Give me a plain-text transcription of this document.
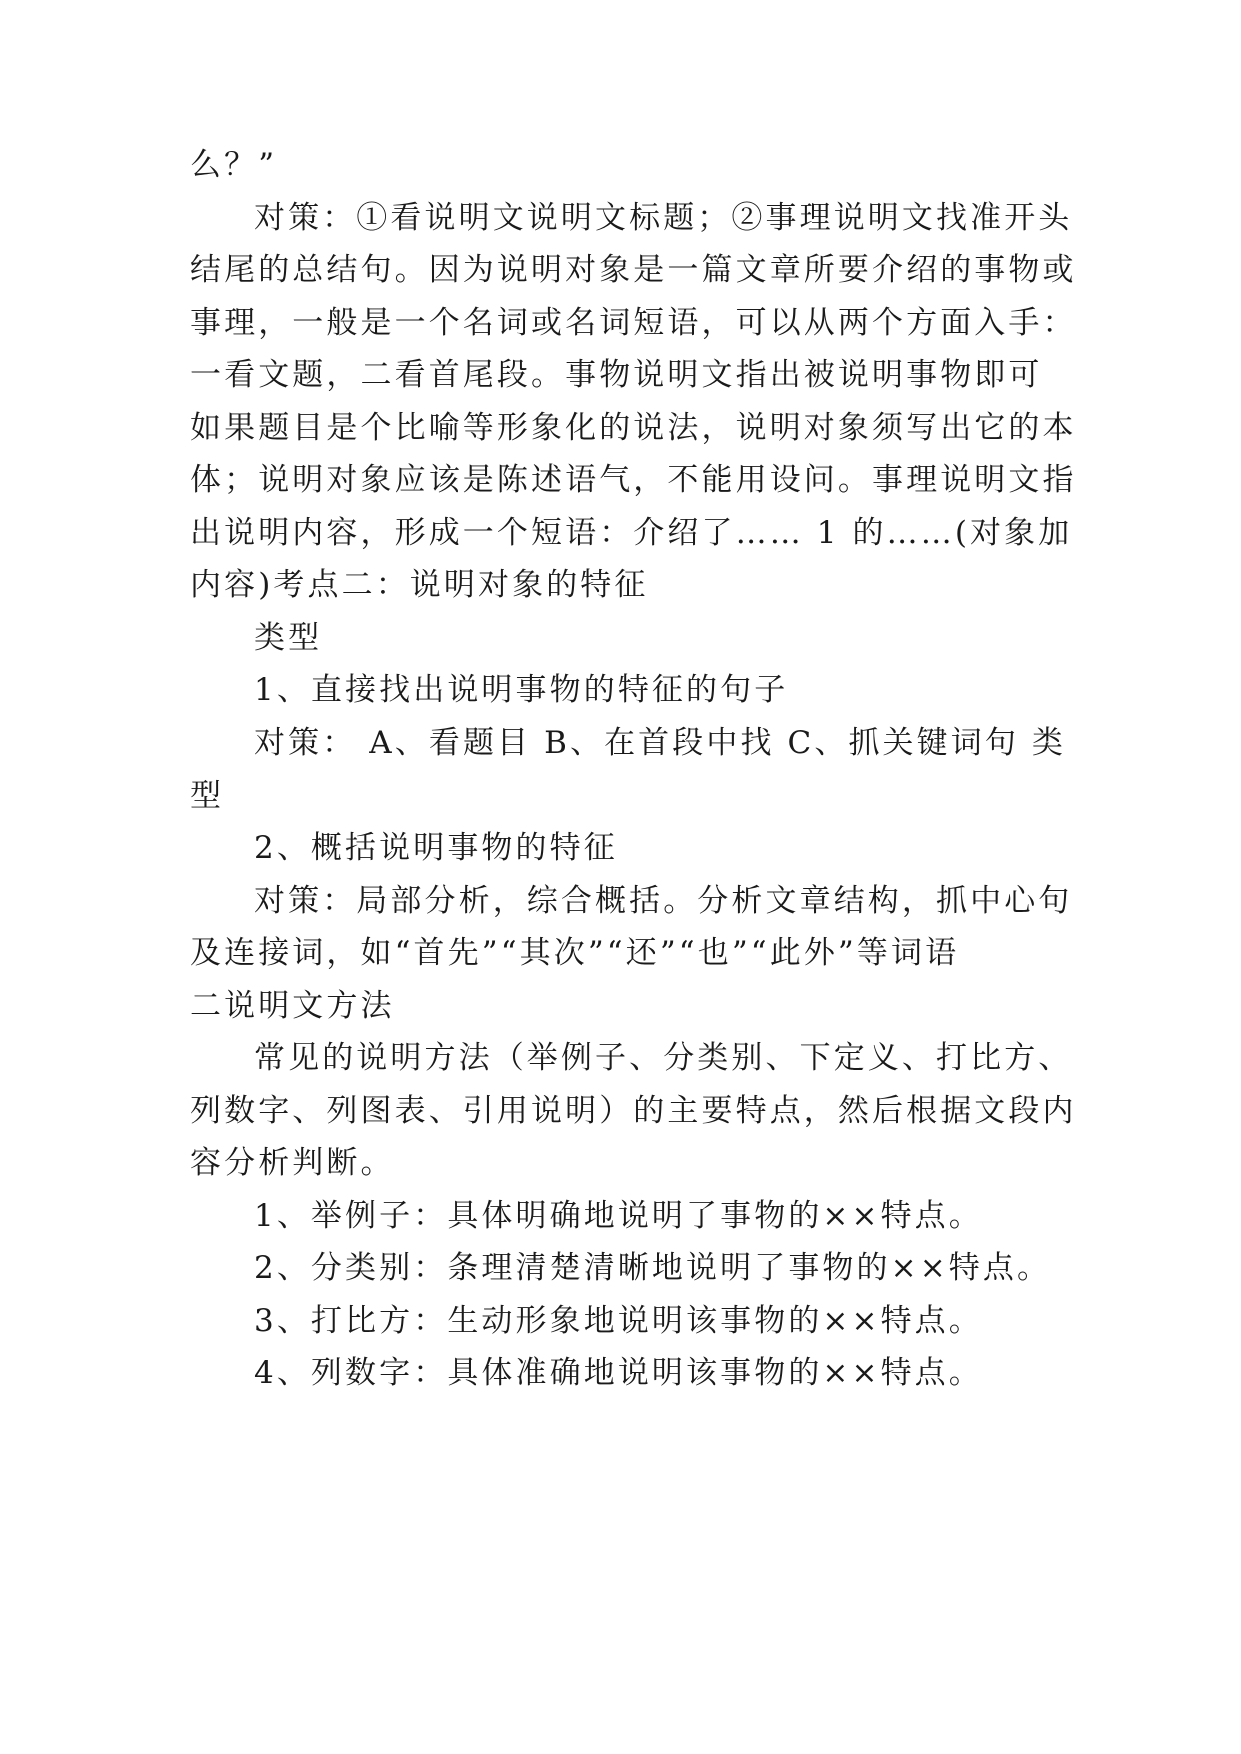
么？”
对策：①看说明文说明文标题；②事理说明文找准开头
结尾的总结句。因为说明对象是一篇文章所要介绍的事物或
事理，一般是一个名词或名词短语，可以从两个方面入手：
一看文题，二看首尾段。事物说明文指出被说明事物即可
如果题目是个比喻等形象化的说法，说明对象须写出它的本
体；说明对象应该是陈述语气，不能用设问。事理说明文指
出说明内容，形成一个短语：介绍了…… 1 的……(对象加
内容)考点二：说明对象的特征
类型
1、直接找出说明事物的特征的句子
对策： A、看题目 B、在首段中找 C、抓关键词句 类
型
2、概括说明事物的特征
对策：局部分析，综合概括。分析文章结构，抓中心句
及连接词，如“首先”“其次”“还”“也”“此外”等词语
二说明文方法
常见的说明方法（举例子、分类别、下定义、打比方、
列数字、列图表、引用说明）的主要特点，然后根据文段内
容分析判断。
1、举例子：具体明确地说明了事物的××特点。
2、分类别：条理清楚清晰地说明了事物的××特点。
3、打比方：生动形象地说明该事物的××特点。
4、列数字：具体准确地说明该事物的××特点。
